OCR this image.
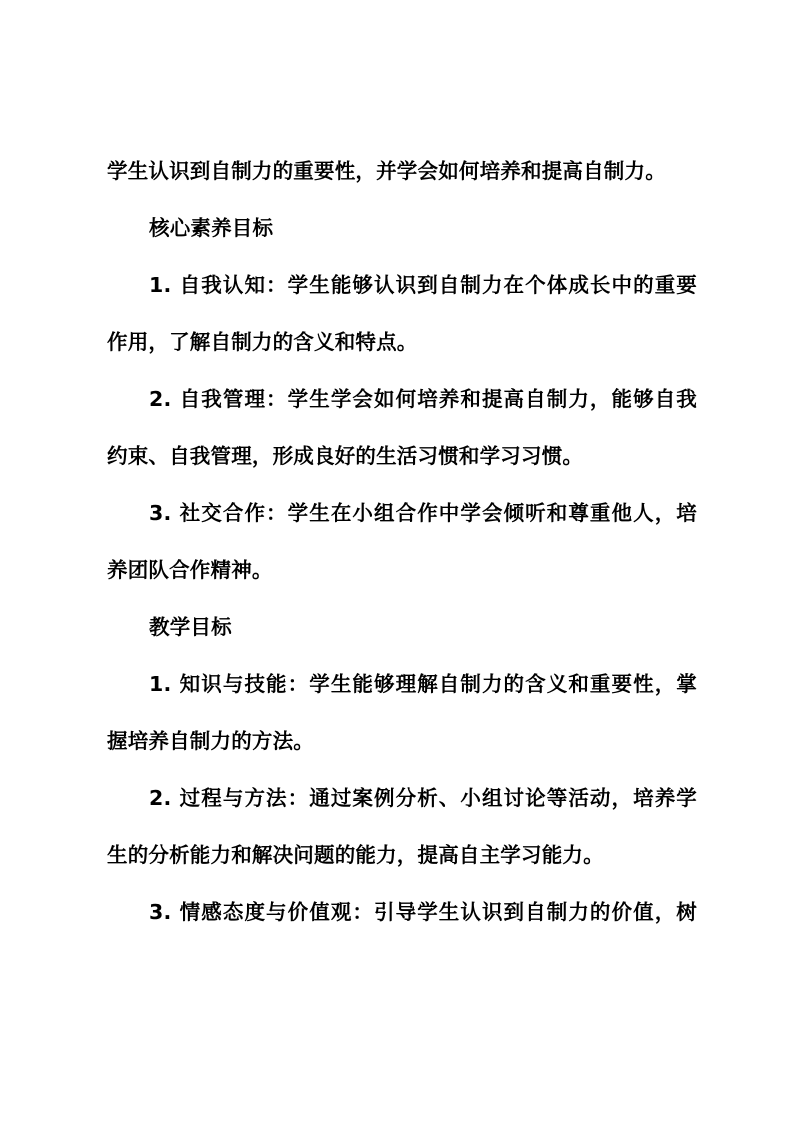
学生认识到自制力的重要性，并学会如何培养和提高自制力。
核心素养目标
1. 自我认知：学生能够认识到自制力在个体成长中的重要
作用，了解自制力的含义和特点。
2. 自我管理：学生学会如何培养和提高自制力，能够自我
约束、自我管理，形成良好的生活习惯和学习习惯。
3. 社交合作：学生在小组合作中学会倾听和尊重他人，培
养团队合作精神。
教学目标
1. 知识与技能：学生能够理解自制力的含义和重要性，掌
握培养自制力的方法。
2. 过程与方法：通过案例分析、小组讨论等活动，培养学
生的分析能力和解决问题的能力，提高自主学习能力。
3. 情感态度与价值观：引导学生认识到自制力的价值，树
